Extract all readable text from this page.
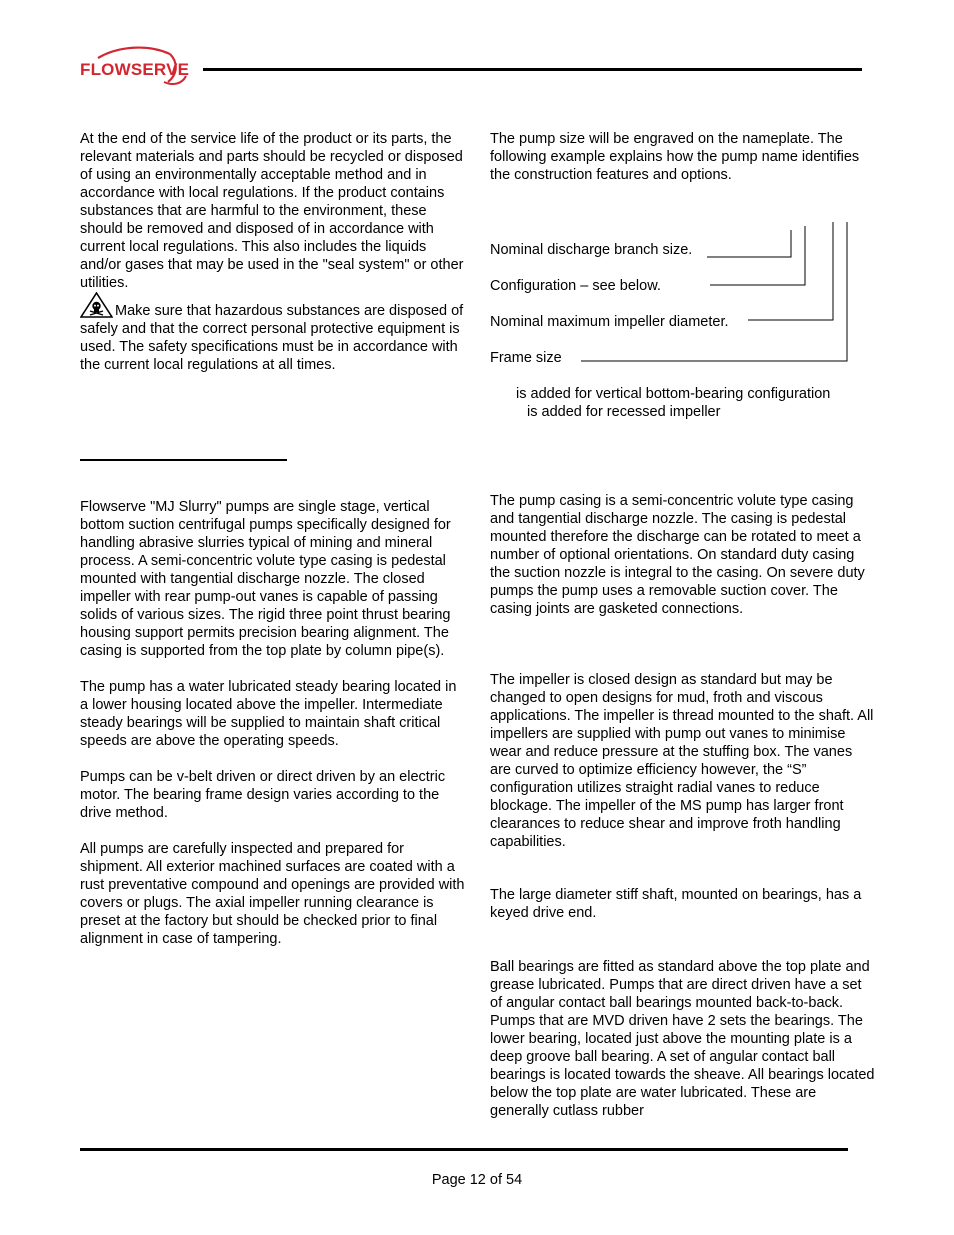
FLOWSERVE

At the end of the service life of the product or its parts, the relevant materials and parts should be recycled or disposed of using an environmentally acceptable method and in accordance with local regulations. If the product contains substances that are harmful to the environment, these should be removed and disposed of in accordance with current local regulations. This also includes the liquids and/or gases that may be used in the "seal system" or other utilities.

Make sure that hazardous substances are disposed of safely and that the correct personal protective equipment is used. The safety specifications must be in accordance with the current local regulations at all times.

Flowserve "MJ Slurry" pumps are single stage, vertical bottom suction centrifugal pumps specifically designed for handling abrasive slurries typical of mining and mineral process. A semi-concentric volute type casing is pedestal mounted with tangential discharge nozzle. The closed impeller with rear pump-out vanes is capable of passing solids of various sizes. The rigid three point thrust bearing housing support permits precision bearing alignment. The casing is supported from the top plate by column pipe(s).

The pump has a water lubricated steady bearing located in a lower housing located above the impeller. Intermediate steady bearings will be supplied to maintain shaft critical speeds are above the operating speeds.

Pumps can be v-belt driven or direct driven by an electric motor. The bearing frame design varies according to the drive method.

All pumps are carefully inspected and prepared for shipment. All exterior machined surfaces are coated with a rust preventative compound and openings are provided with covers or plugs. The axial impeller running clearance is preset at the factory but should be checked prior to final alignment in case of tampering.

The pump size will be engraved on the nameplate. The following example explains how the pump name identifies the construction features and options.

Nominal discharge branch size.
Configuration – see below.
Nominal maximum impeller diameter.
Frame size
is added for vertical bottom-bearing configuration
is added for recessed impeller

The pump casing is a semi-concentric volute type casing and tangential discharge nozzle. The casing is pedestal mounted therefore the discharge can be rotated to meet a number of optional orientations. On standard duty casing the suction nozzle is integral to the casing. On severe duty pumps the pump uses a removable suction cover. The casing joints are gasketed connections.

The impeller is closed design as standard but may be changed to open designs for mud, froth and viscous applications. The impeller is thread mounted to the shaft. All impellers are supplied with pump out vanes to minimise wear and reduce pressure at the stuffing box. The vanes are curved to optimize efficiency however, the “S” configuration utilizes straight radial vanes to reduce blockage. The impeller of the MS pump has larger front clearances to reduce shear and improve froth handling capabilities.

The large diameter stiff shaft, mounted on bearings, has a keyed drive end.

Ball bearings are fitted as standard above the top plate and grease lubricated. Pumps that are direct driven have a set of angular contact ball bearings mounted back-to-back. Pumps that are MVD driven have 2 sets the bearings. The lower bearing, located just above the mounting plate is a deep groove ball bearing. A set of angular contact ball bearings is located towards the sheave. All bearings located below the top plate are water lubricated. These are generally cutlass rubber

Page 12 of 54
